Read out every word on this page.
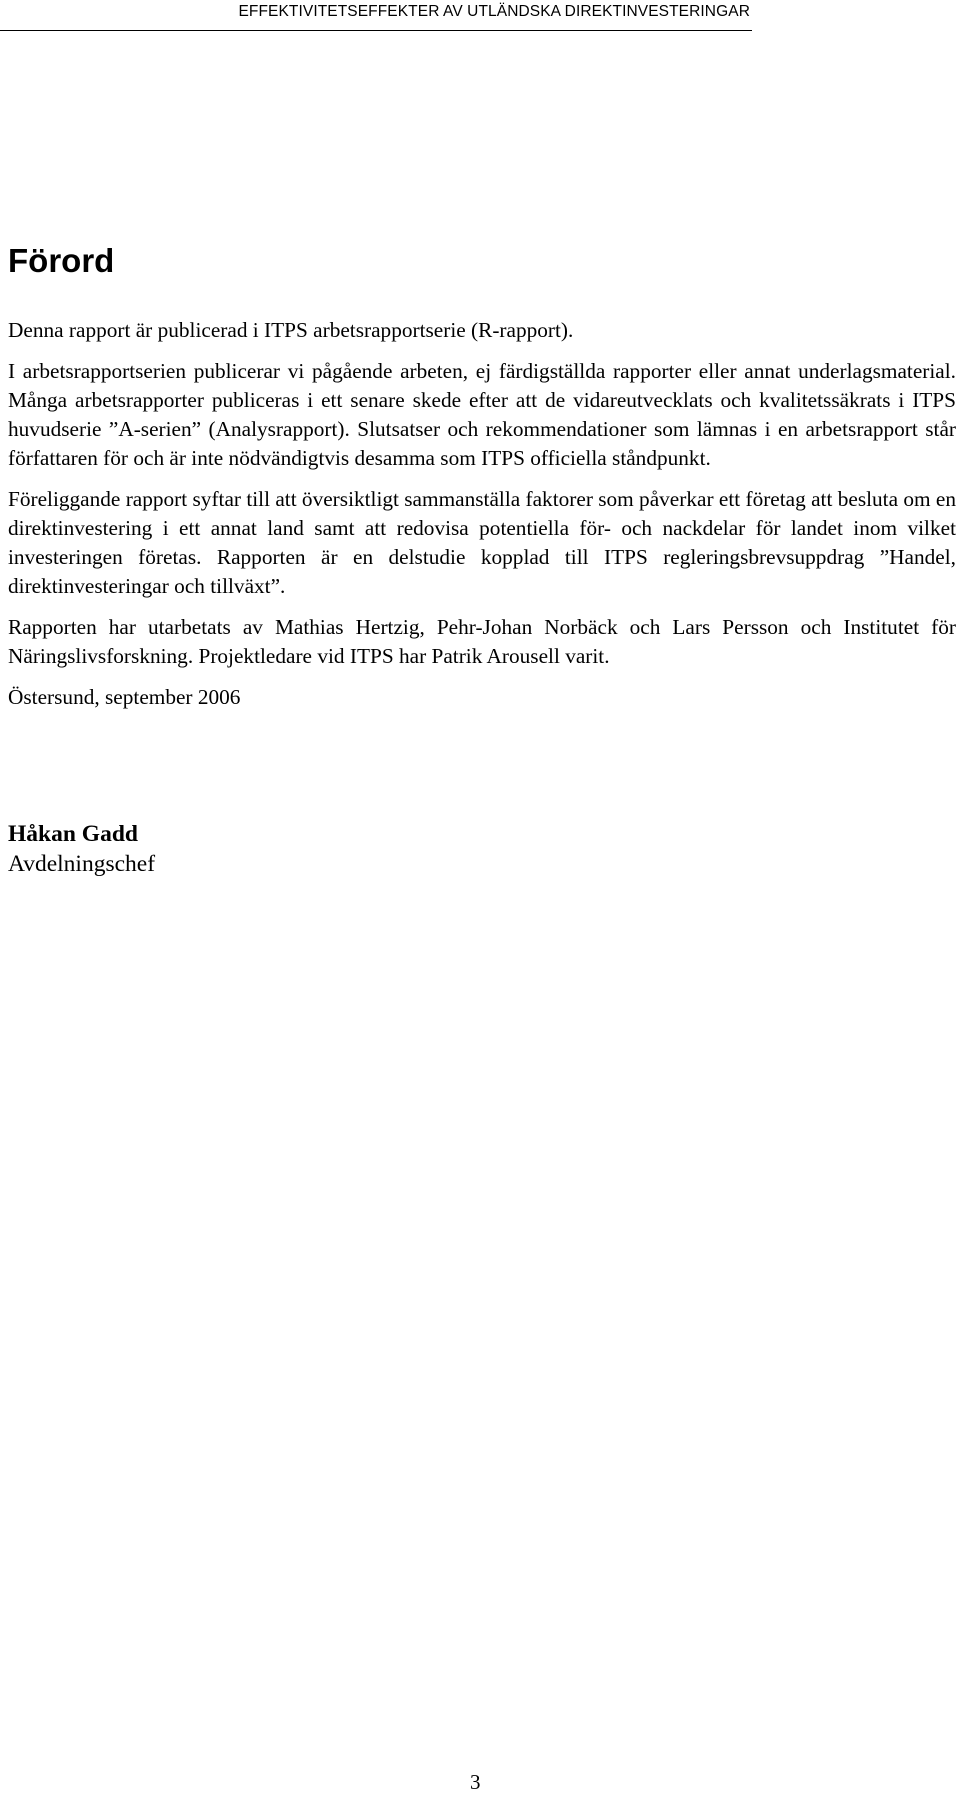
EFFEKTIVITETSEFFEKTER AV UTLÄNDSKA DIREKTINVESTERINGAR
Förord

Denna rapport är publicerad i ITPS arbetsrapportserie (R-rapport).

I arbetsrapportserien publicerar vi pågående arbeten, ej färdigställda rapporter eller annat underlagsmaterial. Många arbetsrapporter publiceras i ett senare skede efter att de vidareutvecklats och kvalitetssäkrats i ITPS huvudserie ”A-serien” (Analysrapport). Slutsatser och rekommendationer som lämnas i en arbetsrapport står författaren för och är inte nödvändigtvis desamma som ITPS officiella ståndpunkt.

Föreliggande rapport syftar till att översiktligt sammanställa faktorer som påverkar ett företag att besluta om en direktinvestering i ett annat land samt att redovisa potentiella för- och nackdelar för landet inom vilket investeringen företas. Rapporten är en delstudie kopplad till ITPS regleringsbrevsuppdrag ”Handel, direktinvesteringar och tillväxt”.

Rapporten har utarbetats av Mathias Hertzig, Pehr-Johan Norbäck och Lars Persson och Institutet för Näringslivsforskning. Projektledare vid ITPS har Patrik Arousell varit.

Östersund, september 2006

Håkan Gadd
Avdelningschef
3
